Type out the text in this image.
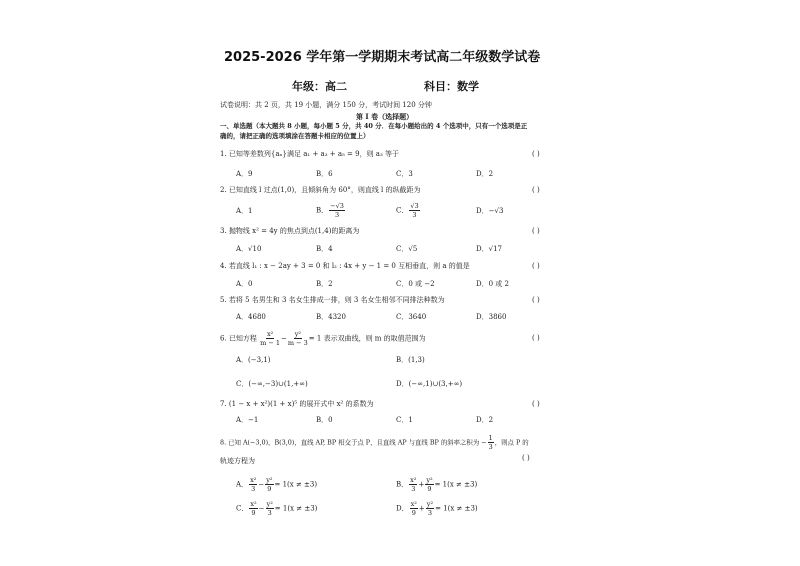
2025-2026 学年第一学期期末考试高二年级数学试卷
年级：高二	科目：数学
试卷说明：共 2 页，共 19 小题，满分 150 分，考试时间 120 分钟
第 I 卷（选择题）
一、单选题（本大题共 8 小题，每小题 5 分，共 40 分．在每小题给出的 4 个选项中，只有一个选项是正
确的，请把正确的选项填涂在答题卡相应的位置上）
1. 已知等差数列{aₙ}满足 a₁ + a₃ + a₅ = 9，则 a₃ 等于	( )
A．9	B．6	C．3	D．2
2. 已知直线 l 过点(1,0)，且倾斜角为 60°，则直线 l 的纵截距为	( )
A．1	B． $\frac{-√3}{3}$	C． $\frac{√3}{3}$	D．−√3
3. 抛物线 x² = 4y 的焦点到点(1,4)的距离为	( )
A．√10	B．4	C．√5	D．√17
4. 若直线 l₁ : x − 2ay + 3 = 0 和 l₂ : 4x + y − 1 = 0 互相垂直，则 a 的值是	( )
A．0	B．2	C．0 或 −2	D．0 或 2
5. 若将 5 名男生和 3 名女生排成一排，则 3 名女生相邻不同排法种数为	( )
A．4680	B．4320	C．3640	D．3860
6. 已知方程 $\frac{\text{x²}}{m - 1} - \frac{\text{y²}}{m - 3} = 1$ 表示双曲线，则 m 的取值范围为	( )
A．(−3,1)	B．(1,3)
C．(−∞,−3)∪(1,+∞)	D．(−∞,1)∪(3,+∞)
7. (1 − x + x²)(1 + x)⁵ 的展开式中 x² 的系数为	( )
A．−1	B．0	C．1	D．2
8. 已知 A(−3,0)，B(3,0)，直线 AP, BP 相交于点 P，且直线 AP 与直线 BP 的斜率之积为 − $\frac{1}{3}$ ，则点 P 的
轨迹方程为	( )
A． $\frac{\text{x²}}{3} - \frac{\text{y²}}{9} = 1(x \ne \pm 3)$	B． $\frac{\text{x²}}{3} + \frac{\text{y²}}{9} = 1(x \ne \pm 3)$
C． $\frac{\text{x²}}{9} - \frac{\text{y²}}{3} = 1(x \ne \pm 3)$	D． $\frac{\text{x²}}{9} + \frac{\text{y²}}{3} = 1(x \ne \pm 3)$
